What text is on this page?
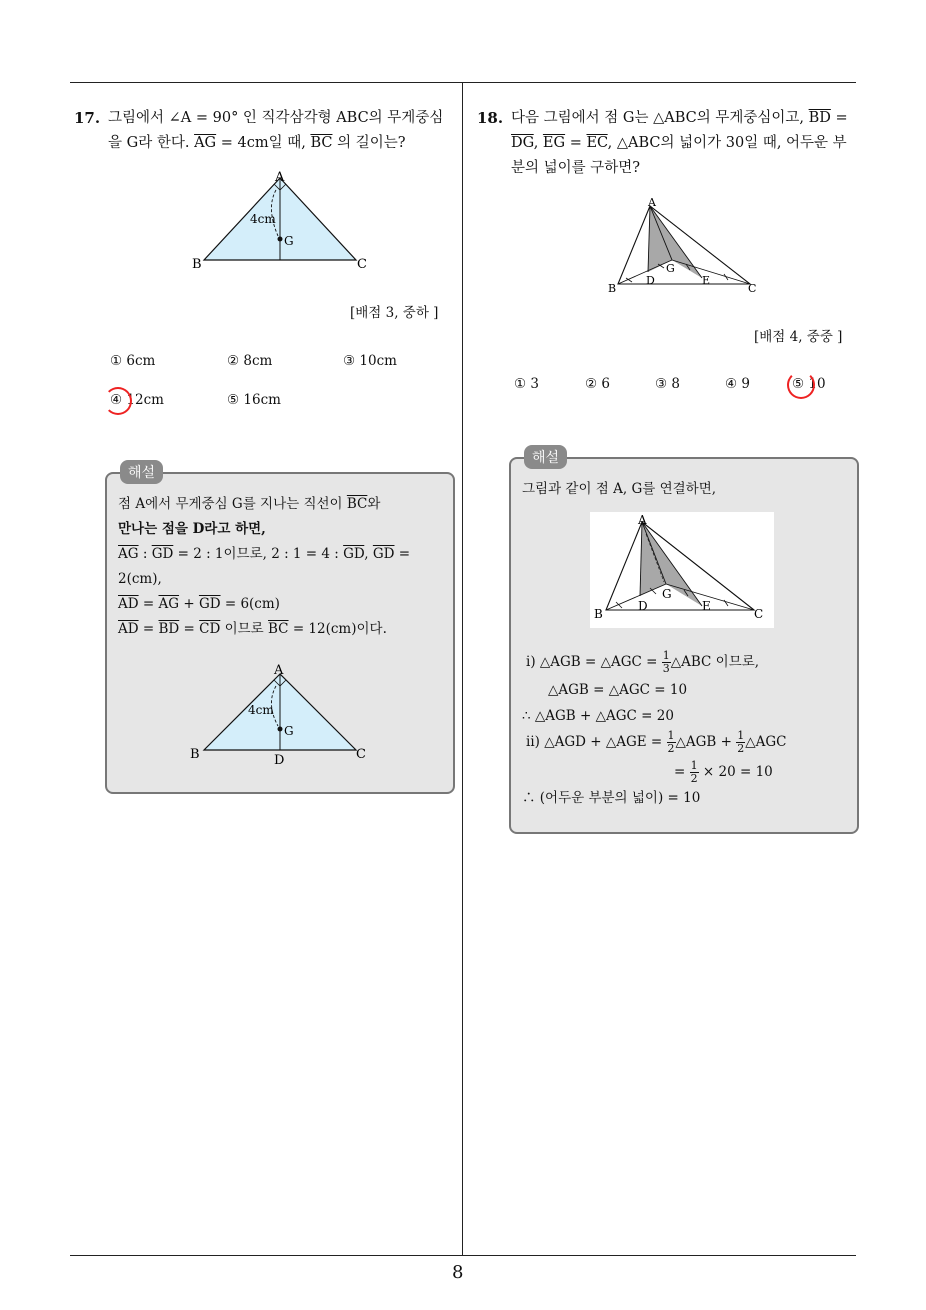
17. 그림에서 ∠A = 90° 인 직각삼각형 ABC의 무게중심
을 G라 한다. $\overline{AG} = 4cm$일 때, $\overline{BC}$ 의 길이는?
A
B	C
G
4cm
[배점 3, 중하 ]
① 6cm	② 8cm	③ 10cm
④ 12cm	⑤ 16cm
해설
점 A에서 무게중심 G를 지나는 직선이 $\overline{BC}$와
만나는 점을 D라고 하면,
$\overline{AG}$ : $\overline{GD} = 2$ : 1이므로, 2 : 1 = 4 : $\overline{GD}$, $\overline{GD}$ =
2(cm),
$\overline{AD} = \overline{AG} + \overline{GD} = 6(cm)$
$\overline{AD} = \overline{BD} = \overline{CD}$ 이므로 $\overline{BC} = 12(cm)$이다.
A
B	C
G
D
4cm
18. 다음 그림에서 점 G는 △ABC의 무게중심이고, $\overline{BD}$ =
$\overline{DG}$, $\overline{EG} = \overline{EC}$, △ABC의 넓이가 30일 때, 어두운 부
분의 넓이를 구하면?
A
B	C
G
D	E
[배점 4, 중중 ]
① 3	② 6	③ 8	④ 9	⑤ 10
해설
그림과 같이 점 A, G를 연결하면,
A
B	C
G
D	E
ⅰ) △AGB = △AGC = $\frac{1}{3}$ △ABC 이므로,
△AGB = △AGC = 10
∴ △AGB + △AGC = 20
ⅱ) △AGD + △AGE = $\frac{1}{2}$ △AGB + $\frac{1}{2}$ △AGC
= $\frac{1}{2} \times 20 = 10$
∴ (어두운 부분의 넓이) = 10
8
